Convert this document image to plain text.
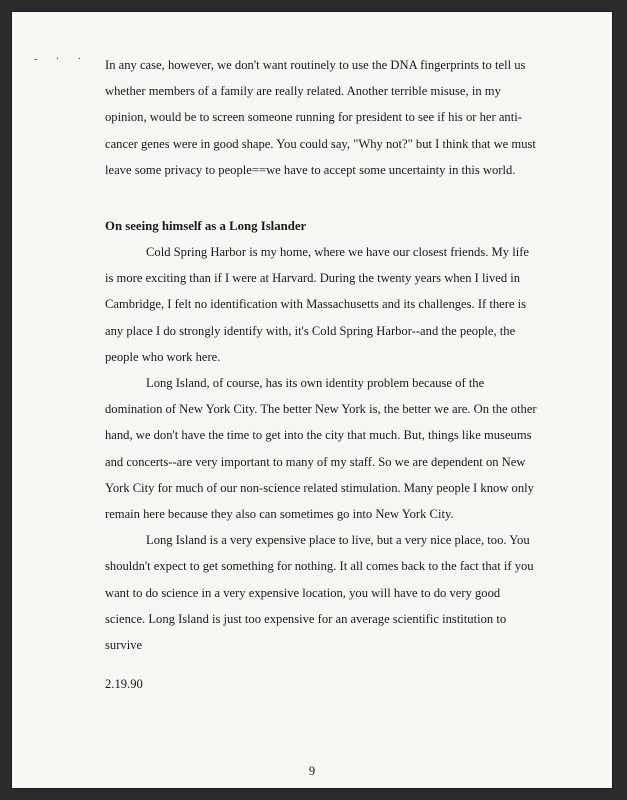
- · · In any case, however, we don't want routinely to use the DNA fingerprints to tell us whether members of a family are really related. Another terrible misuse, in my opinion, would be to screen someone running for president to see if his or her anti-cancer genes were in good shape. You could say, "Why not?" but I think that we must leave some privacy to people==we have to accept some uncertainty in this world.

On seeing himself as a Long Islander

Cold Spring Harbor is my home, where we have our closest friends. My life is more exciting than if I were at Harvard. During the twenty years when I lived in Cambridge, I felt no identification with Massachusetts and its challenges. If there is any place I do strongly identify with, it's Cold Spring Harbor--and the people, the people who work here.

Long Island, of course, has its own identity problem because of the domination of New York City. The better New York is, the better we are. On the other hand, we don't have the time to get into the city that much. But, things like museums and concerts--are very important to many of my staff. So we are dependent on New York City for much of our non-science related stimulation. Many people I know only remain here because they also can sometimes go into New York City.

Long Island is a very expensive place to live, but a very nice place, too. You shouldn't expect to get something for nothing. It all comes back to the fact that if you want to do science in a very expensive location, you will have to do very good science. Long Island is just too expensive for an average scientific institution to survive

2.19.90
9
